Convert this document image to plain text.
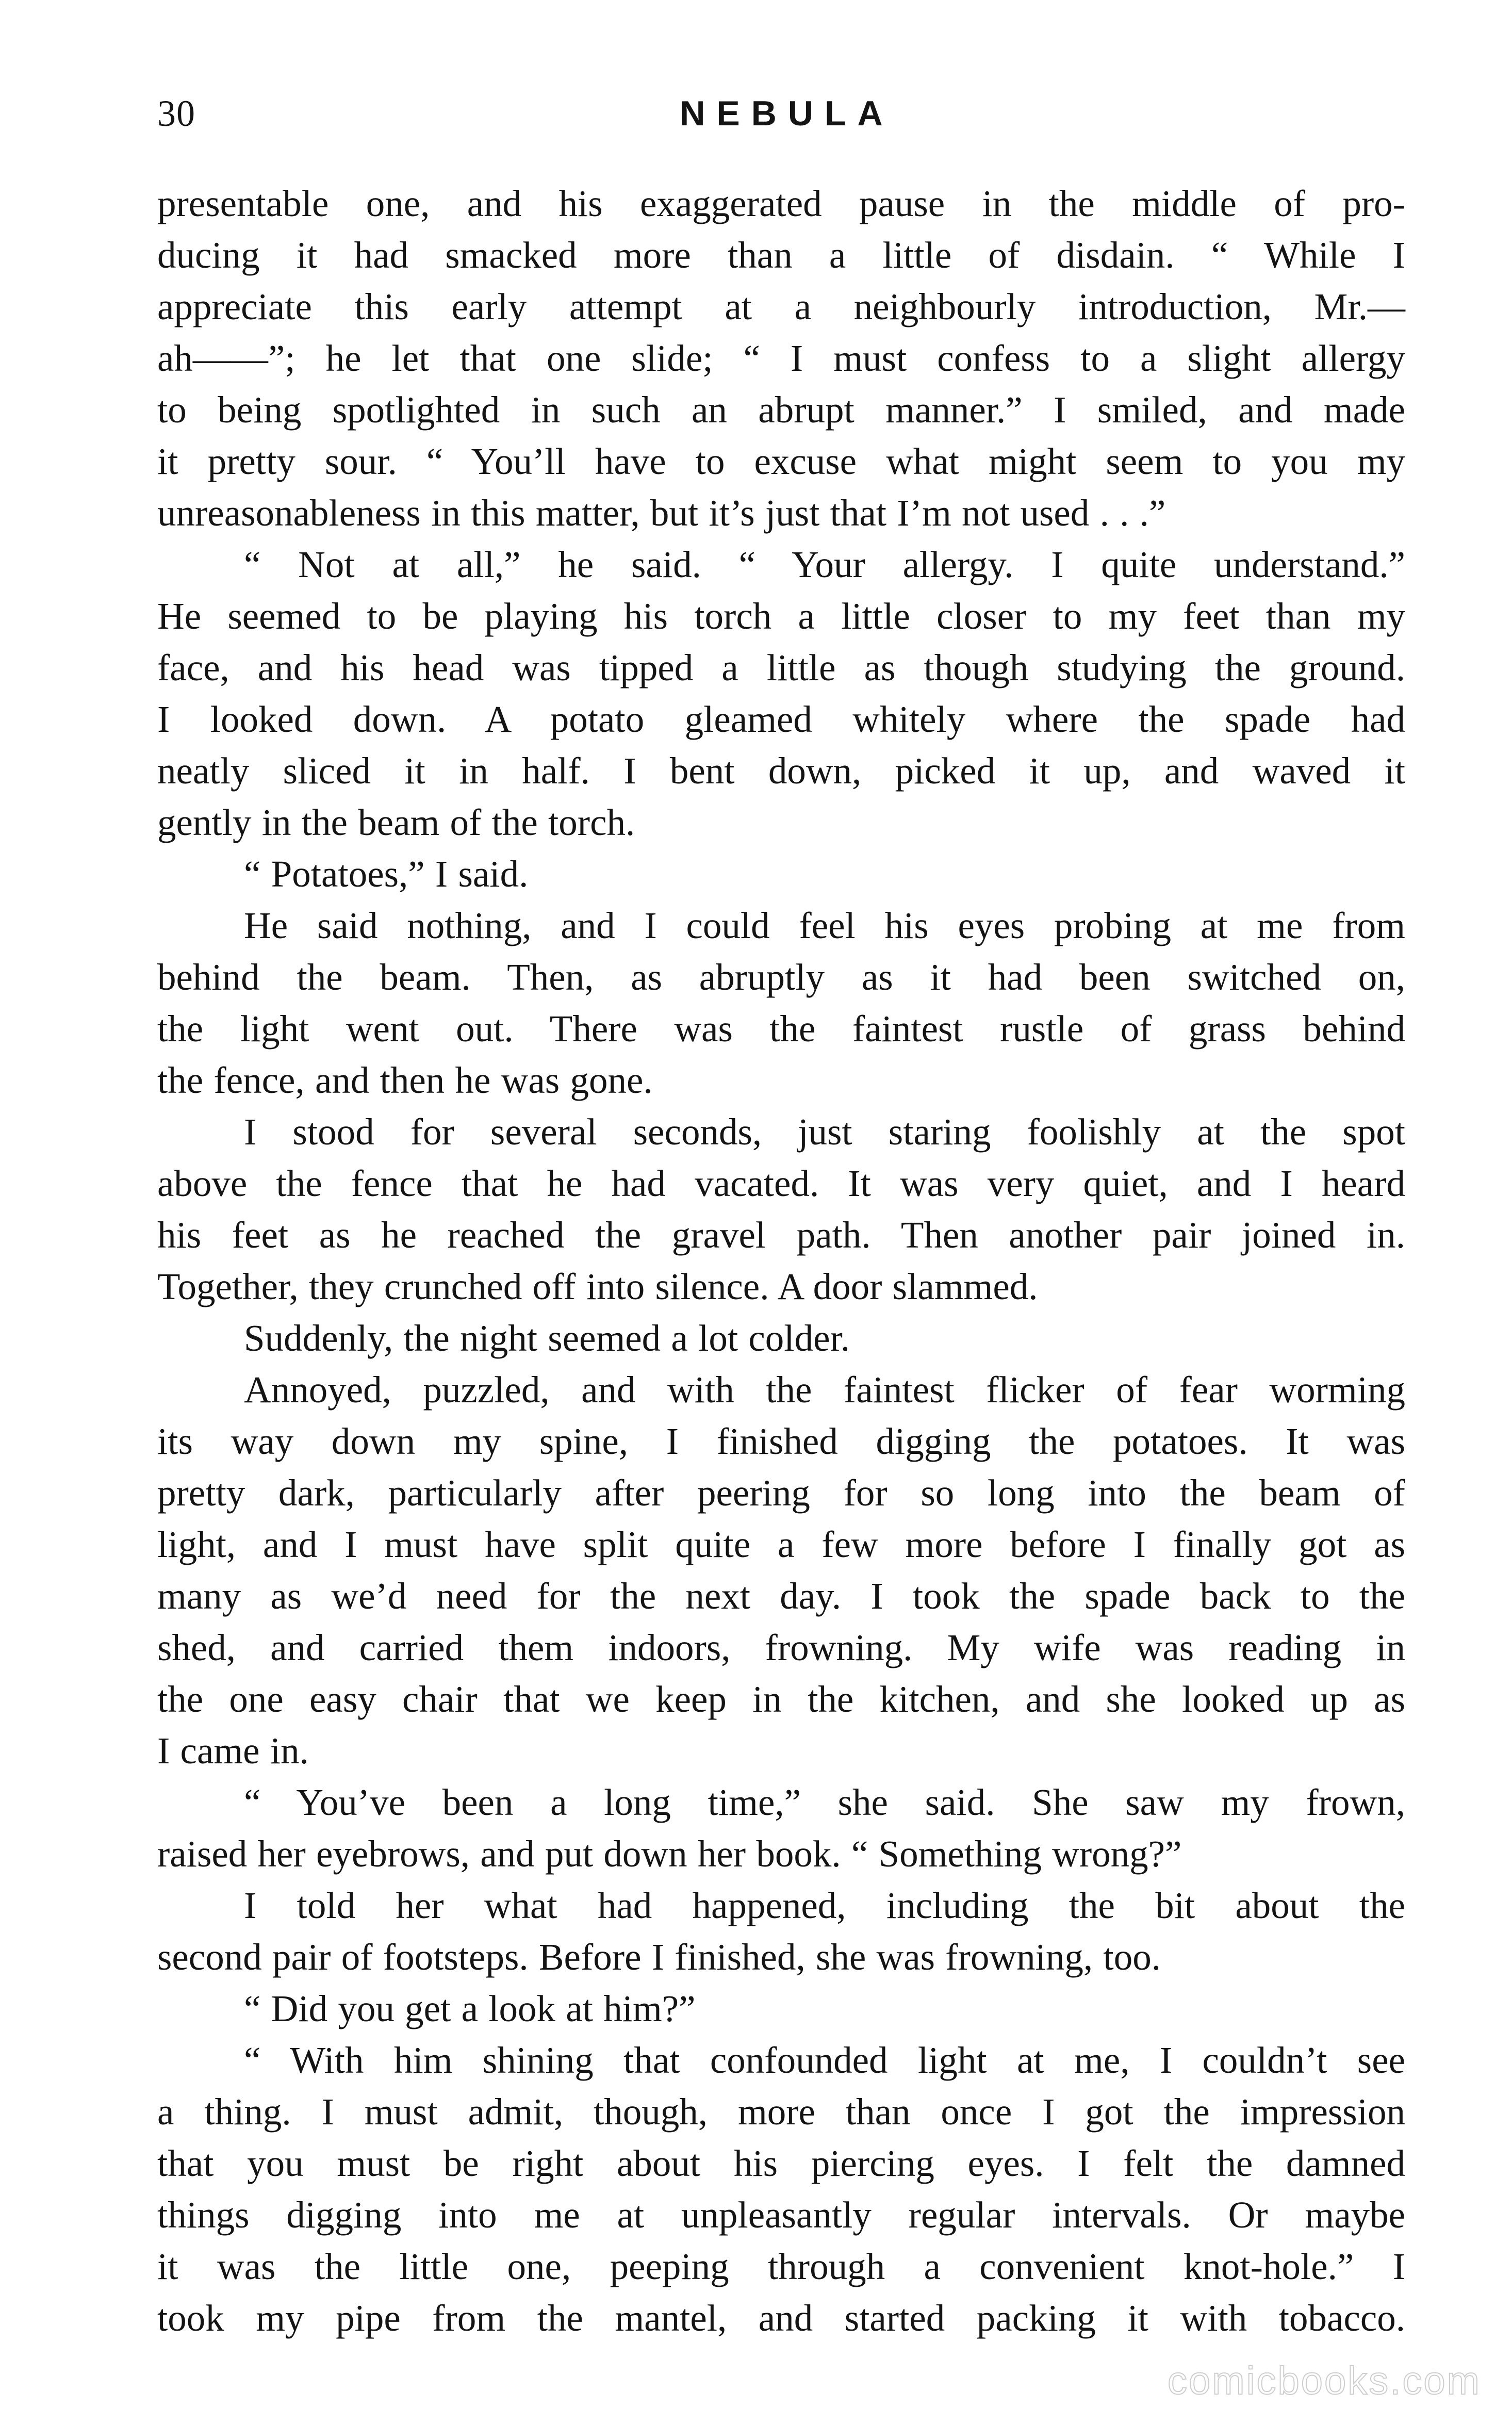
30	NEBULA
presentable one, and his exaggerated pause in the middle of pro-
ducing it had smacked more than a little of disdain. “ While I
appreciate this early attempt at a neighbourly introduction, Mr.—
ah——”; he let that one slide; “ I must confess to a slight allergy
to being spotlighted in such an abrupt manner.” I smiled, and made
it pretty sour. “ You’ll have to excuse what might seem to you my
unreasonableness in this matter, but it’s just that I’m not used . . .”
“ Not at all,” he said. “ Your allergy. I quite understand.”
He seemed to be playing his torch a little closer to my feet than my
face, and his head was tipped a little as though studying the ground.
I looked down. A potato gleamed whitely where the spade had
neatly sliced it in half. I bent down, picked it up, and waved it
gently in the beam of the torch.
“ Potatoes,” I said.
He said nothing, and I could feel his eyes probing at me from
behind the beam. Then, as abruptly as it had been switched on,
the light went out. There was the faintest rustle of grass behind
the fence, and then he was gone.
I stood for several seconds, just staring foolishly at the spot
above the fence that he had vacated. It was very quiet, and I heard
his feet as he reached the gravel path. Then another pair joined in.
Together, they crunched off into silence. A door slammed.
Suddenly, the night seemed a lot colder.
Annoyed, puzzled, and with the faintest flicker of fear worming
its way down my spine, I finished digging the potatoes. It was
pretty dark, particularly after peering for so long into the beam of
light, and I must have split quite a few more before I finally got as
many as we’d need for the next day. I took the spade back to the
shed, and carried them indoors, frowning. My wife was reading in
the one easy chair that we keep in the kitchen, and she looked up as
I came in.
“ You’ve been a long time,” she said. She saw my frown,
raised her eyebrows, and put down her book. “ Something wrong?”
I told her what had happened, including the bit about the
second pair of footsteps. Before I finished, she was frowning, too.
“ Did you get a look at him?”
“ With him shining that confounded light at me, I couldn’t see
a thing. I must admit, though, more than once I got the impression
that you must be right about his piercing eyes. I felt the damned
things digging into me at unpleasantly regular intervals. Or maybe
it was the little one, peeping through a convenient knot-hole.” I
took my pipe from the mantel, and started packing it with tobacco.
comicbooks.com
